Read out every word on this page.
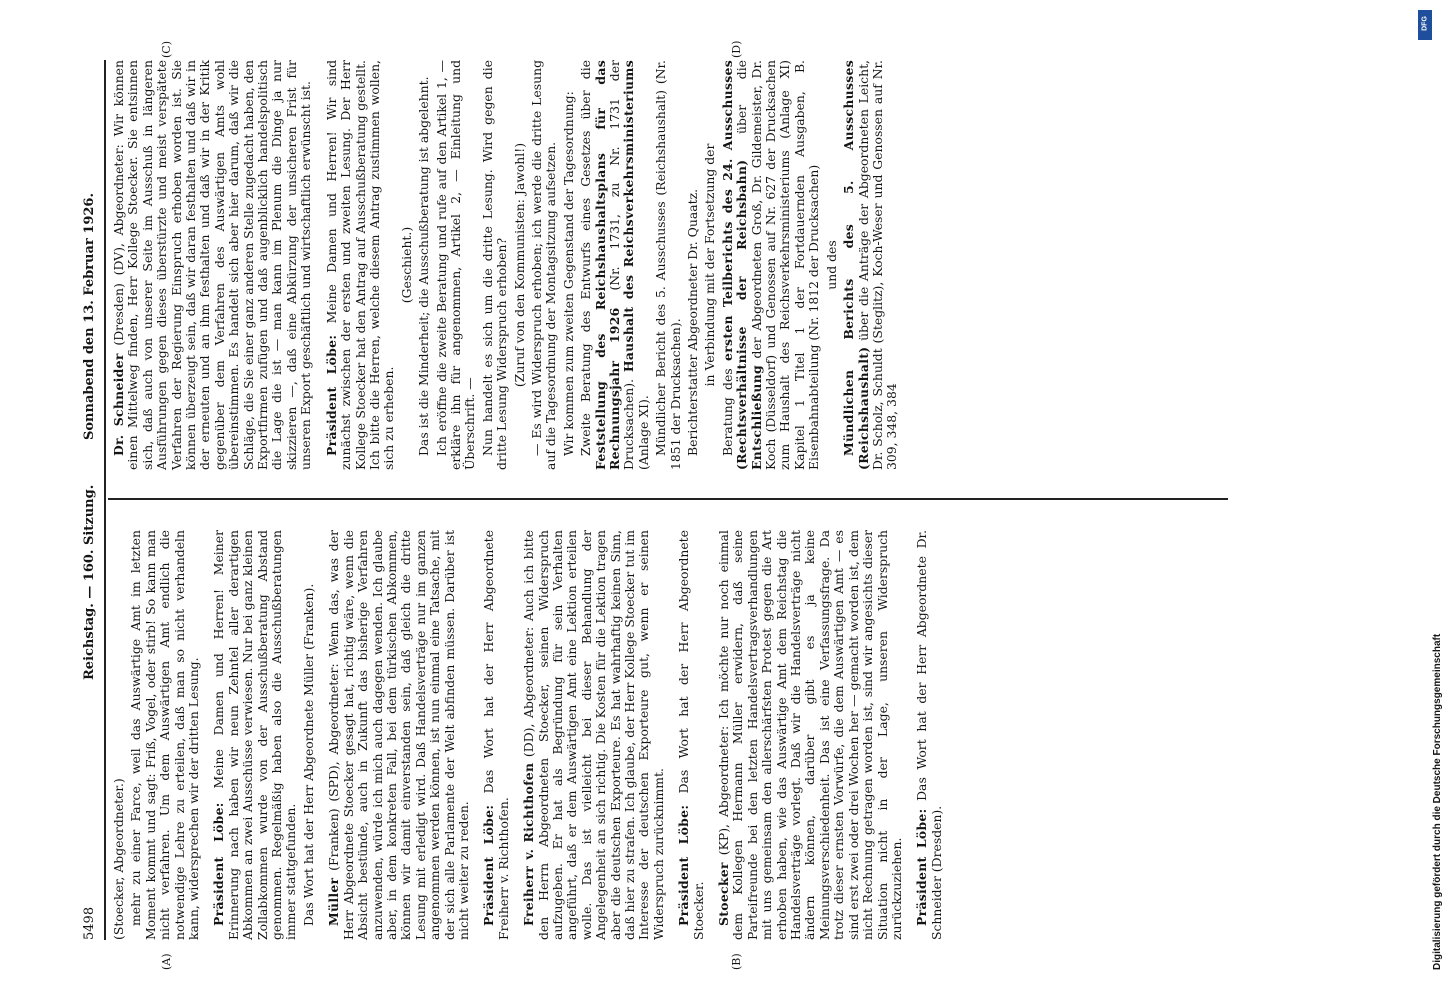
5498
Reichstag. — 160. Sitzung.
Sonnabend den 13. Februar 1926.
(A)	(B)
(C)	(D)

(Stoecker, Abgeordneter.) mehr zu einer Farce, weil das Auswärtige Amt im letzten Moment kommt und sagt: Friß, Vogel, oder stirb! So kann man nicht verfahren. Um dem Auswärtigen Amt endlich die notwendige Lehre zu erteilen, daß man so nicht verhandeln kann, widersprechen wir der dritten Lesung. Präsident Löbe: Meine Damen und Herren! Meiner Erinnerung nach haben wir neun Zehntel aller derartigen Abkommen an zwei Ausschüsse verwiesen. Nur bei ganz kleinen Zollabkommen wurde von der Ausschußberatung Abstand genommen. Regelmäßig haben also die Ausschußberatungen immer stattgefunden. Das Wort hat der Herr Abgeordnete Müller (Franken). Müller (Franken) (SPD), Abgeordneter: Wenn das, was der Herr Abgeordnete Stoecker gesagt hat, richtig wäre, wenn die Absicht bestünde, auch in Zukunft das bisherige Verfahren anzuwenden, würde ich mich auch dagegen wenden. Ich glaube aber, in dem konkreten Fall, bei dem türkischen Abkommen, können wir damit einverstanden sein, daß gleich die dritte Lesung mit erledigt wird. Daß Handelsverträge nur im ganzen angenommen werden können, ist nun einmal eine Tatsache, mit der sich alle Parlamente der Welt abfinden müssen. Darüber ist nicht weiter zu reden. Präsident Löbe: Das Wort hat der Herr Abgeordnete Freiherr v. Richthofen. Freiherr v. Richthofen (DD), Abgeordneter: Auch ich bitte den Herrn Abgeordneten Stoecker, seinen Widerspruch aufzugeben. Er hat als Begründung für sein Verhalten angeführt, daß er dem Auswärtigen Amt eine Lektion erteilen wolle. Das ist vielleicht bei dieser Behandlung der Angelegenheit an sich richtig. Die Kosten für die Lektion tragen aber die deutschen Exporteure. Es hat wahrhaftig keinen Sinn, daß hier zu strafen. Ich glaube, der Herr Kollege Stoecker tut im Interesse der deutschen Exporteure gut, wenn er seinen Widerspruch zurücknimmt. Präsident Löbe: Das Wort hat der Herr Abgeordnete Stoecker. Stoecker (KP), Abgeordneter: Ich möchte nur noch einmal dem Kollegen Hermann Müller erwidern, daß seine Parteifreunde bei den letzten Handelsvertragsverhandlungen mit uns gemeinsam den allerschärfsten Protest gegen die Art erhoben haben, wie das Auswärtige Amt dem Reichstag die Handelsverträge vorlegt. Daß wir die Handelsverträge nicht ändern können, darüber gibt es ja keine Meinungsverschiedenheit. Das ist eine Verfassungsfrage. Da trotz dieser ernsten Vorwürfe, die dem Auswärtigen Amt — es sind erst zwei oder drei Wochen her — gemacht worden ist, dem nicht Rechnung getragen worden ist, sind wir angesichts dieser Situation nicht in der Lage, unseren Widerspruch zurückzuziehen. Präsident Löbe: Das Wort hat der Herr Abgeordnete Dr. Schneider (Dresden).

Dr. Schneider (Dresden) (DV), Abgeordneter: Wir können einen Mittelweg finden, Herr Kollege Stoecker. Sie entsinnen sich, daß auch von unserer Seite im Ausschuß in längeren Ausführungen gegen dieses überstürzte und meist verspätete Verfahren der Regierung Einspruch erhoben worden ist. Sie können überzeugt sein, daß wir daran festhalten und daß wir in der erneuten und an ihm festhalten und daß wir in der Kritik gegenüber dem Verfahren des Auswärtigen Amts wohl übereinstimmen. Es handelt sich aber hier darum, daß wir die Schläge, die Sie einer ganz anderen Stelle zugedacht haben, den Exportfirmen zufügen und daß augenblicklich handelspolitisch die Lage die ist — man kann im Plenum die Dinge ja nur skizzieren —, daß eine Abkürzung der unsicheren Frist für unseren Export geschäftlich und wirtschaftlich erwünscht ist. Präsident Löbe: Meine Damen und Herren! Wir sind zunächst zwischen der ersten und zweiten Lesung. Der Herr Kollege Stoecker hat den Antrag auf Ausschußberatung gestellt. Ich bitte die Herren, welche diesem Antrag zustimmen wollen, sich zu erheben.

(Geschieht.) Das ist die Minderheit; die Ausschußberatung ist abgelehnt. Ich eröffne die zweite Beratung und rufe auf den Artikel 1, — erkläre ihn für angenommen, Artikel 2, — Einleitung und Überschrift. — Nun handelt es sich um die dritte Lesung. Wird gegen die dritte Lesung Widerspruch erhoben? (Zuruf von den Kommunisten: Jawohl!) — Es wird Widerspruch erhoben; ich werde die dritte Lesung auf die Tagesordnung der Montagsitzung aufsetzen. Wir kommen zum zweiten Gegenstand der Tagesordnung: Zweite Beratung des Entwurfs eines Gesetzes über die Feststellung des Reichshaushaltsplans für das Rechnungsjahr 1926 (Nr. 1731, zu Nr. 1731 der Drucksachen). Haushalt des Reichsverkehrsministeriums (Anlage XI). Mündlicher Bericht des 5. Ausschusses (Reichshaushalt) (Nr. 1851 der Drucksachen). Berichterstatter Abgeordneter Dr. Quaatz. in Verbindung mit der Fortsetzung der

Beratung des ersten Teilberichts des 24. Ausschusses (Rechtsverhältnisse der Reichsbahn) über die Entschließung der Abgeordneten Groß, Dr. Gildemeister, Dr. Koch (Düsseldorf) und Genossen auf Nr. 627 der Drucksachen zum Haushalt des Reichsverkehrsministeriums (Anlage XI) Kapitel 1 Titel 1 der Fortdauernden Ausgaben, B. Eisenbahnabteilung (Nr. 1812 der Drucksachen) und des Mündlichen Berichts des 5. Ausschusses (Reichshaushalt) über die Anträge der Abgeordneten Leicht, Dr. Scholz, Schuldt (Steglitz), Koch-Weser und Genossen auf Nr. 309, 348, 384

DFG
Digitalisierung gefördert durch die Deutsche Forschungsgemeinschaft
